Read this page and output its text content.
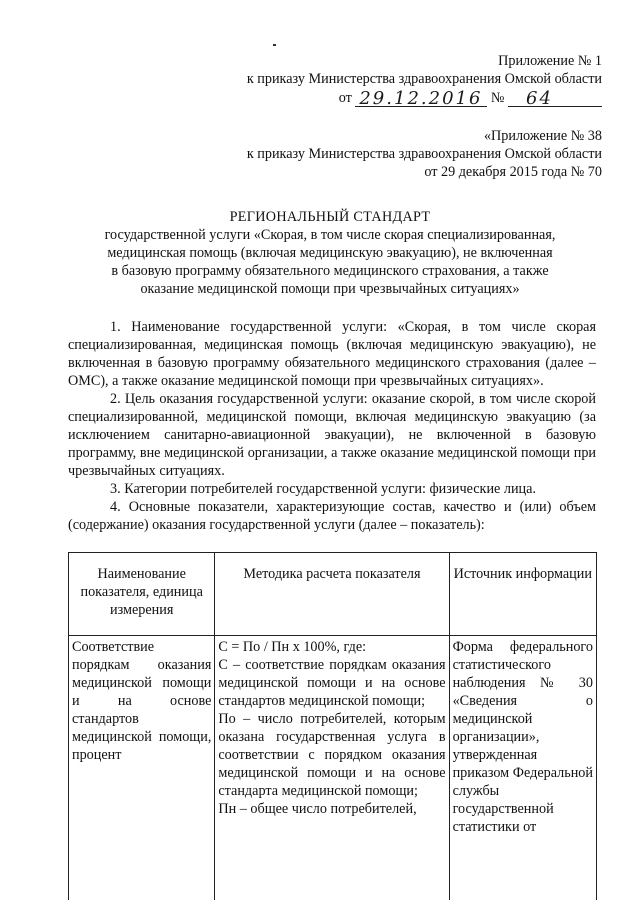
Приложение № 1
к приказу Министерства здравоохранения Омской области
от 29.12.2016 № 64
«Приложение № 38
к приказу Министерства здравоохранения Омской области
от 29 декабря 2015 года № 70
РЕГИОНАЛЬНЫЙ СТАНДАРТ
государственной услуги «Скорая, в том числе скорая специализированная,
медицинская помощь (включая медицинскую эвакуацию), не включенная
в базовую программу обязательного медицинского страхования, а также
оказание медицинской помощи при чрезвычайных ситуациях»

1. Наименование государственной услуги: «Скорая, в том числе скорая специализированная, медицинская помощь (включая медицинскую эвакуацию), не включенная в базовую программу обязательного медицинского страхования (далее – ОМС), а также оказание медицинской помощи при чрезвычайных ситуациях».

2. Цель оказания государственной услуги: оказание скорой, в том числе скорой специализированной, медицинской помощи, включая медицинскую эвакуацию (за исключением санитарно-авиационной эвакуации), не включенной в базовую программу, вне медицинской организации, а также оказание медицинской помощи при чрезвычайных ситуациях.

3. Категории потребителей государственной услуги: физические лица.

4. Основные показатели, характеризующие состав, качество и (или) объем (содержание) оказания государственной услуги (далее – показатель):

Наименование показателя, единица измерения	Методика расчета показателя	Источник информации
Соответствие порядкам оказания медицинской помощи и на основе стандартов медицинской помощи, процент	С = По / Пн х 100%, где:
С – соответствие порядкам оказания медицинской помощи и на основе стандартов медицинской помощи;
По – число потребителей, которым оказана государственная услуга в соответствии с порядком оказания медицинской помощи и на основе стандарта медицинской помощи;
Пн – общее число потребителей,	Форма федерального статистического наблюдения № 30 «Сведения о медицинской организации», утвержденная приказом Федеральной службы государственной статистики от
